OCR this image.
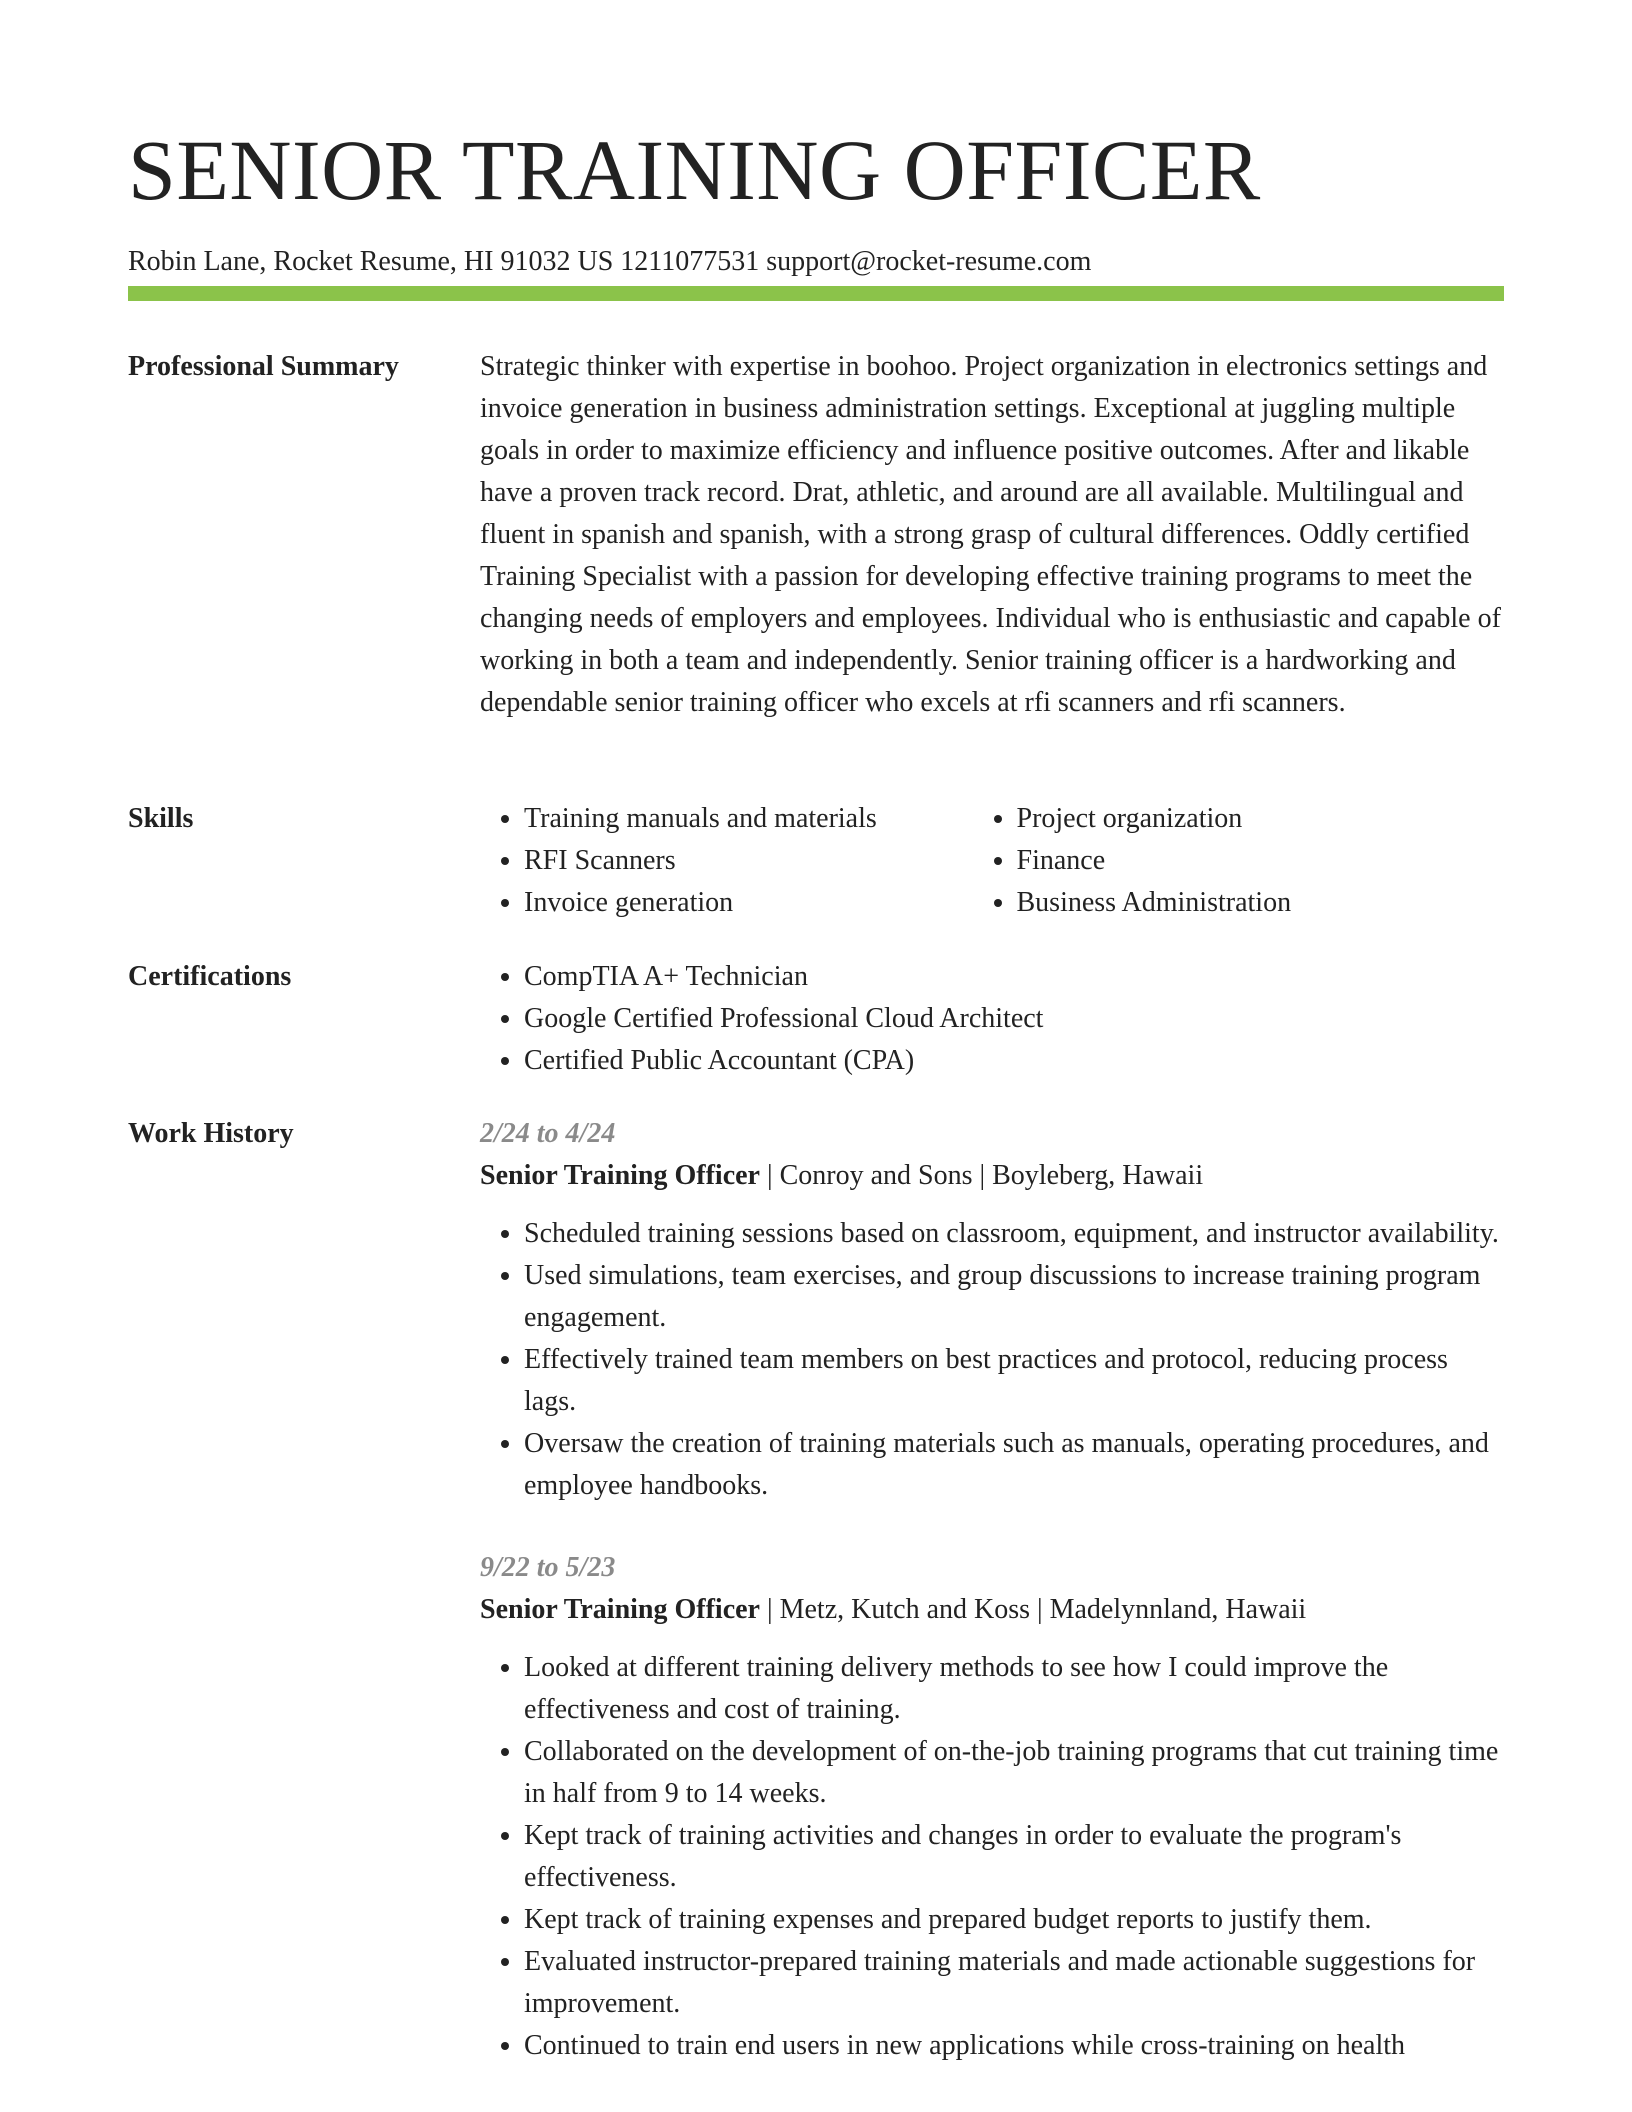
SENIOR TRAINING OFFICER
Robin Lane, Rocket Resume, HI 91032 US 1211077531 support@rocket-resume.com
Professional Summary	Strategic thinker with expertise in boohoo. Project organization in electronics settings and invoice generation in business administration settings. Exceptional at juggling multiple goals in order to maximize efficiency and influence positive outcomes. After and likable have a proven track record. Drat, athletic, and around are all available. Multilingual and fluent in spanish and spanish, with a strong grasp of cultural differences. Oddly certified Training Specialist with a passion for developing effective training programs to meet the changing needs of employers and employees. Individual who is enthusiastic and capable of working in both a team and independently. Senior training officer is a hardworking and dependable senior training officer who excels at rfi scanners and rfi scanners.
Skills	• Training manuals and materials
• RFI Scanners
• Invoice generation
• Project organization
• Finance
• Business Administration
Certifications	• CompTIA A+ Technician
• Google Certified Professional Cloud Architect
• Certified Public Accountant (CPA)
Work History	2/24 to 4/24
Senior Training Officer | Conroy and Sons | Boyleberg, Hawaii
• Scheduled training sessions based on classroom, equipment, and instructor availability.
• Used simulations, team exercises, and group discussions to increase training program engagement.
• Effectively trained team members on best practices and protocol, reducing process lags.
• Oversaw the creation of training materials such as manuals, operating procedures, and employee handbooks.
9/22 to 5/23
Senior Training Officer | Metz, Kutch and Koss | Madelynnland, Hawaii
• Looked at different training delivery methods to see how I could improve the effectiveness and cost of training.
• Collaborated on the development of on-the-job training programs that cut training time in half from 9 to 14 weeks.
• Kept track of training activities and changes in order to evaluate the program's effectiveness.
• Kept track of training expenses and prepared budget reports to justify them.
• Evaluated instructor-prepared training materials and made actionable suggestions for improvement.
• Continued to train end users in new applications while cross-training on health
